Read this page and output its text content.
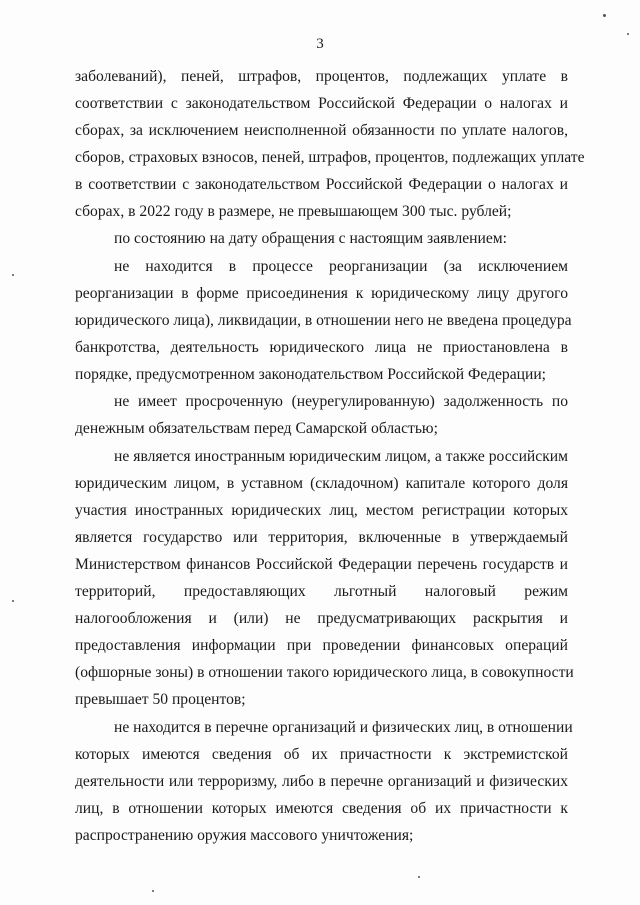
3
заболеваний), пеней, штрафов, процентов, подлежащих уплате в
соответствии с законодательством Российской Федерации о налогах и
сборах, за исключением неисполненной обязанности по уплате налогов,
сборов, страховых взносов, пеней, штрафов, процентов, подлежащих уплате
в соответствии с законодательством Российской Федерации о налогах и
сборах, в 2022 году в размере, не превышающем 300 тыс. рублей;
по состоянию на дату обращения с настоящим заявлением:
не находится в процессе реорганизации (за исключением
реорганизации в форме присоединения к юридическому лицу другого
юридического лица), ликвидации, в отношении него не введена процедура
банкротства, деятельность юридического лица не приостановлена в
порядке, предусмотренном законодательством Российской Федерации;
не имеет просроченную (неурегулированную) задолженность по
денежным обязательствам перед Самарской областью;
не является иностранным юридическим лицом, а также российским
юридическим лицом, в уставном (складочном) капитале которого доля
участия иностранных юридических лиц, местом регистрации которых
является государство или территория, включенные в утверждаемый
Министерством финансов Российской Федерации перечень государств и
территорий, предоставляющих льготный налоговый режим
налогообложения и (или) не предусматривающих раскрытия и
предоставления информации при проведении финансовых операций
(офшорные зоны) в отношении такого юридического лица, в совокупности
превышает 50 процентов;
не находится в перечне организаций и физических лиц, в отношении
которых имеются сведения об их причастности к экстремистской
деятельности или терроризму, либо в перечне организаций и физических
лиц, в отношении которых имеются сведения об их причастности к
распространению оружия массового уничтожения;
